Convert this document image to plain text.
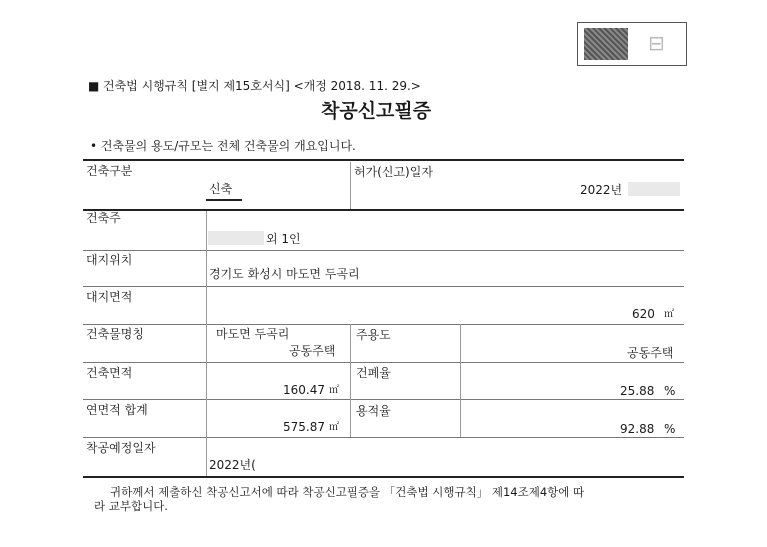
⊟
■ 건축법 시행규칙 [별지 제15호서식] <개정 2018. 11. 29.>
착공신고필증
• 건축물의 용도/규모는 전체 건축물의 개요입니다.
건축구분
신축
허가(신고)일자
2022년
건축주
외 1인
대지위치
경기도 화성시 마도면 두곡리
대지면적
620 ㎡
건축물명칭	마도면 두곡리
공동주택
주용도
공동주택
건축면적
160.47 ㎡
건폐율
25.88 %
연면적 합계
575.87 ㎡
용적율
92.88 %
착공예정일자
2022년(
귀하께서 제출하신 착공신고서에 따라 착공신고필증을 「건축법 시행규칙」 제14조제4항에 따
라 교부합니다.
